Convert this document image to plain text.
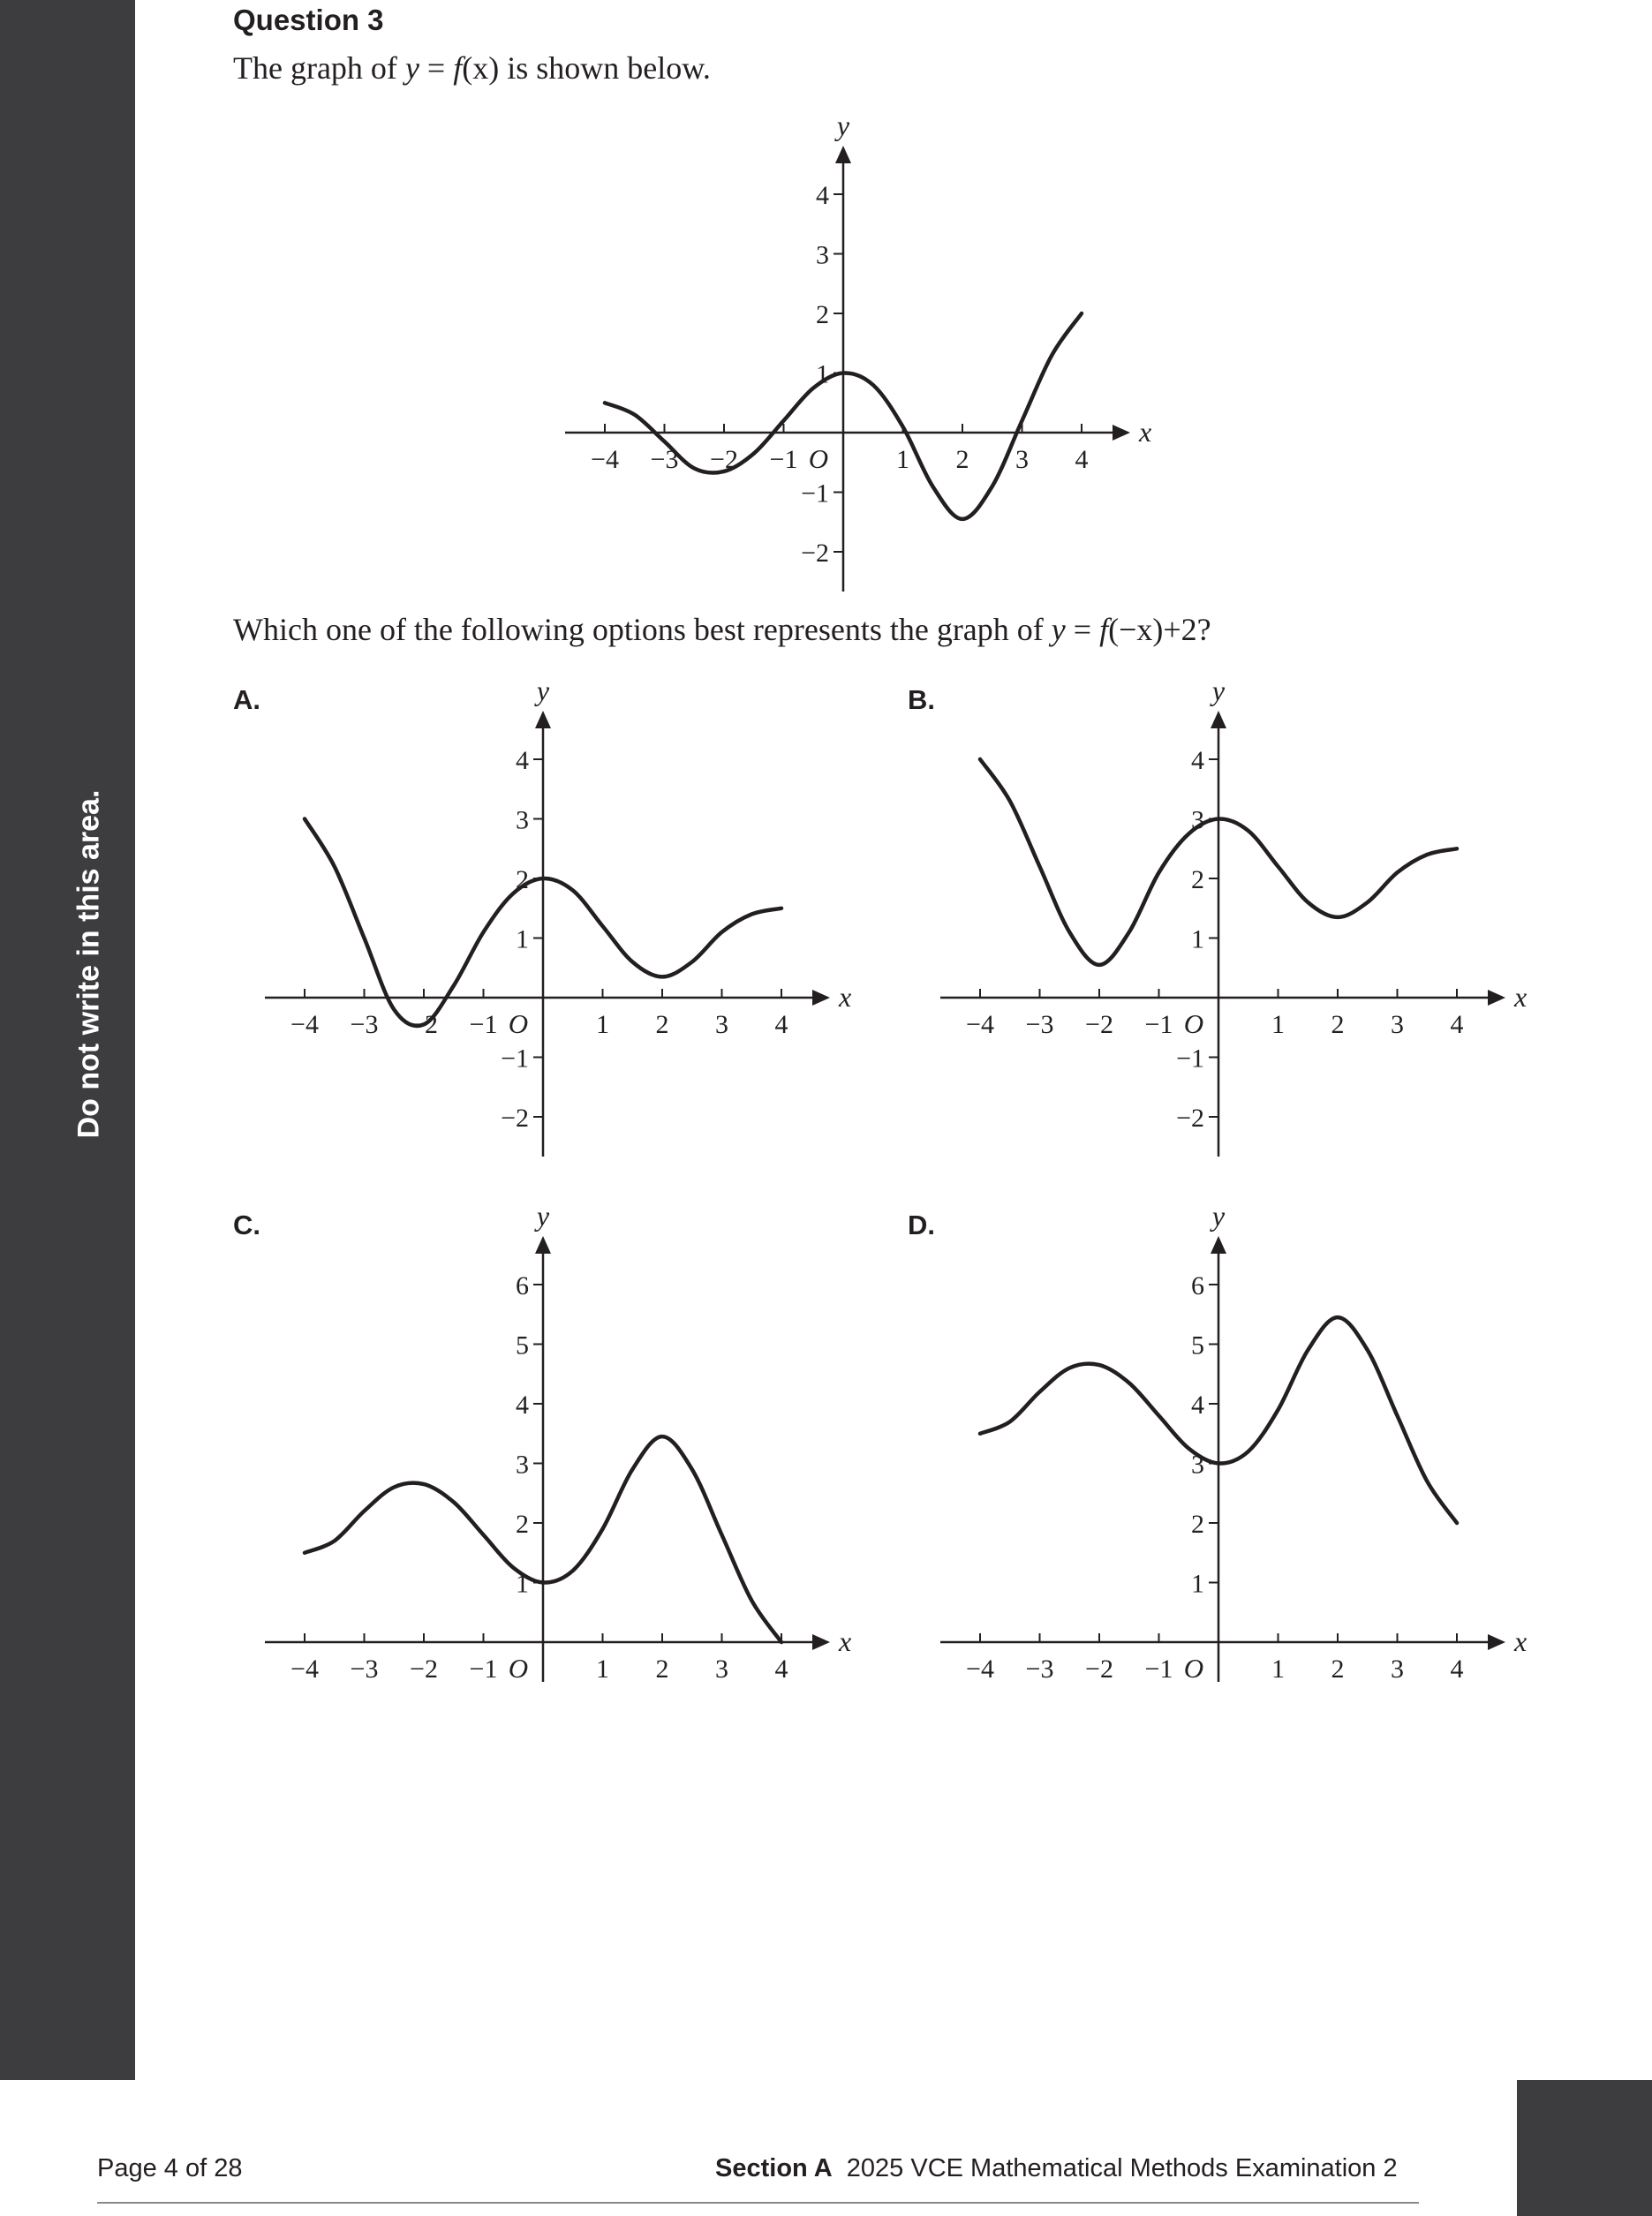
Do not write in this area.
Question 3

The graph of y = f(x) is shown below.

x
y
O
−4 −3 −2 −1	1 2 3 4
−2
−1
1
2
3
4

Which one of the following options best represents the graph of y = f(−x)+2?

A.	B.
C.	D.
x
y
O
−4 −3 −2 −1	1 2 3 4
−2
−1
1
2
3
4
x
y
O
−4 −3 −2 −1	1 2 3 4
−2
−1
1
2
3
4
x
y
O
−4 −3 −2 −1	1 2 3 4
1
2
3
4
5
6
x
y
O
−4 −3 −2 −1	1 2 3 4
1
2
3
4
5
6
Page 4 of 28	Section A 2025 VCE Mathematical Methods Examination 2
